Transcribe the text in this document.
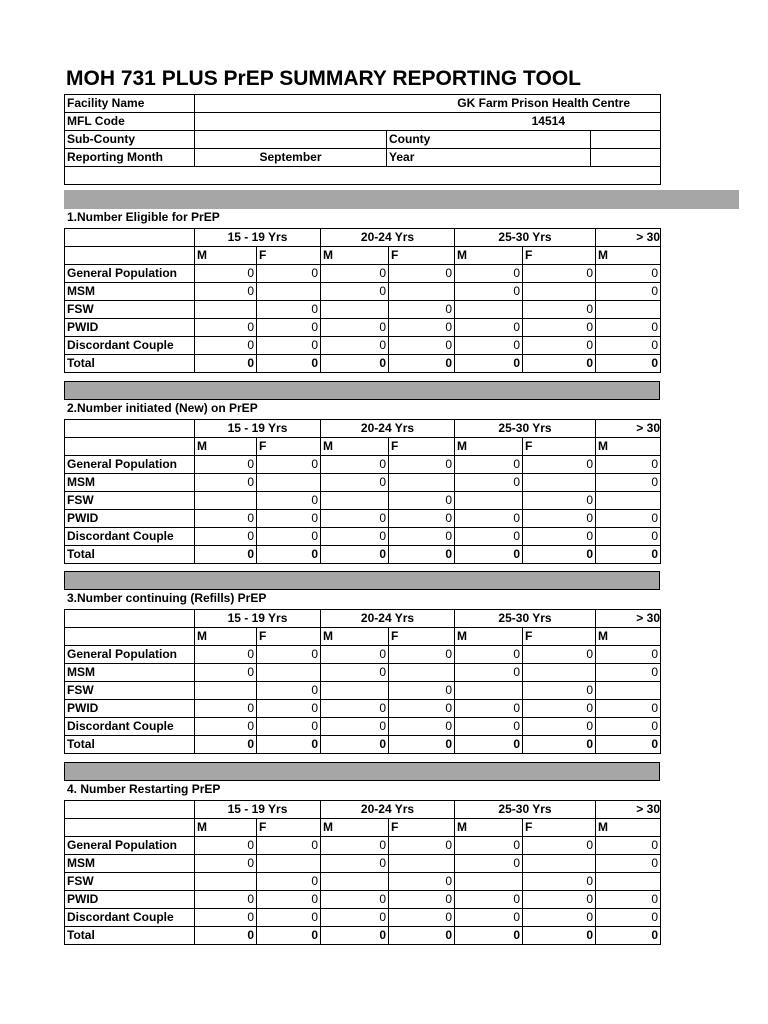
MOH 731 PLUS PrEP SUMMARY REPORTING TOOL
Facility Name	GK Farm Prison Health Centre		
MFL Code	14514		
Sub-County		County	
Reporting Month	September	Year	

1.Number Eligible for PrEP
	15 - 19 Yrs		20-24 Yrs		25-30 Yrs		> 30
	M	F	M	F	M	F	M
General Population	0	0	0	0	0	0	0
MSM	0		0		0		0
FSW		0		0		0	
PWID	0	0	0	0	0	0	0
Discordant Couple	0	0	0	0	0	0	0
Total	0	0	0	0	0	0	0
2.Number initiated (New) on PrEP
	15 - 19 Yrs		20-24 Yrs		25-30 Yrs		> 30
	M	F	M	F	M	F	M
General Population	0	0	0	0	0	0	0
MSM	0		0		0		0
FSW		0		0		0	
PWID	0	0	0	0	0	0	0
Discordant Couple	0	0	0	0	0	0	0
Total	0	0	0	0	0	0	0
3.Number continuing (Refills) PrEP
	15 - 19 Yrs		20-24 Yrs		25-30 Yrs		> 30
	M	F	M	F	M	F	M
General Population	0	0	0	0	0	0	0
MSM	0		0		0		0
FSW		0		0		0	
PWID	0	0	0	0	0	0	0
Discordant Couple	0	0	0	0	0	0	0
Total	0	0	0	0	0	0	0
4. Number Restarting PrEP
	15 - 19 Yrs		20-24 Yrs		25-30 Yrs		> 30
	M	F	M	F	M	F	M
General Population	0	0	0	0	0	0	0
MSM	0		0		0		0
FSW		0		0		0	
PWID	0	0	0	0	0	0	0
Discordant Couple	0	0	0	0	0	0	0
Total	0	0	0	0	0	0	0
